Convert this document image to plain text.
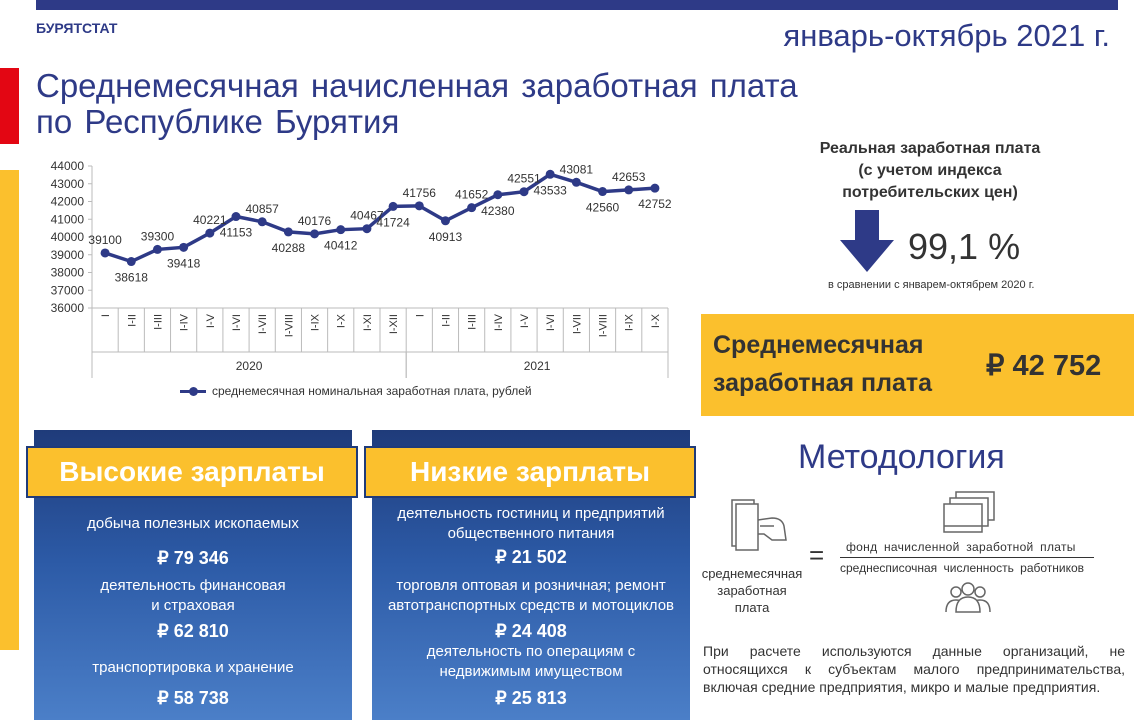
БУРЯТСТАТ	январь-октябрь 2021 г.
Среднемесячная начисленная заработная плата
по Республике Бурятия
36000
37000
38000
39000
40000
41000
42000
43000
44000
I I-II I-III I-IV I-V I-VI I-VII I-VIII I-IX I-X I-XI I-XII I I-II I-III I-IV I-V I-VI I-VII I-VIII I-IX I-X
2020	2021
39100
38618
39300
39418
40221
41153
40857
40288
40176
40412
40467
41724
41756
40913
41652
42380
42551
43533
43081
42560
42653
42752
среднемесячная номинальная заработная плата, рублей
Реальная заработная плата
(с учетом индекса
потребительских цен)
99,1 %
в сравнении с январем-октябрем 2020 г.
Среднемесячная
заработная плата
₽ 42 752
Высокие зарплаты
добыча полезных ископаемых
₽ 79 346
деятельность финансовая
и страховая
₽ 62 810
транспортировка и хранение
₽ 58 738
Низкие зарплаты
деятельность гостиниц и предприятий
общественного питания
₽ 21 502
торговля оптовая и розничная; ремонт
автотранспортных средств и мотоциклов
₽ 24 408
деятельность по операциям с
недвижимым имуществом
₽ 25 813
Методология
среднемесячная
заработная
плата
= фонд начисленной заработной платы
среднесписочная численность работников
При расчете используются данные организаций, не относящихся к субъектам малого предпринимательства, включая средние предприятия, микро и малые предприятия.
